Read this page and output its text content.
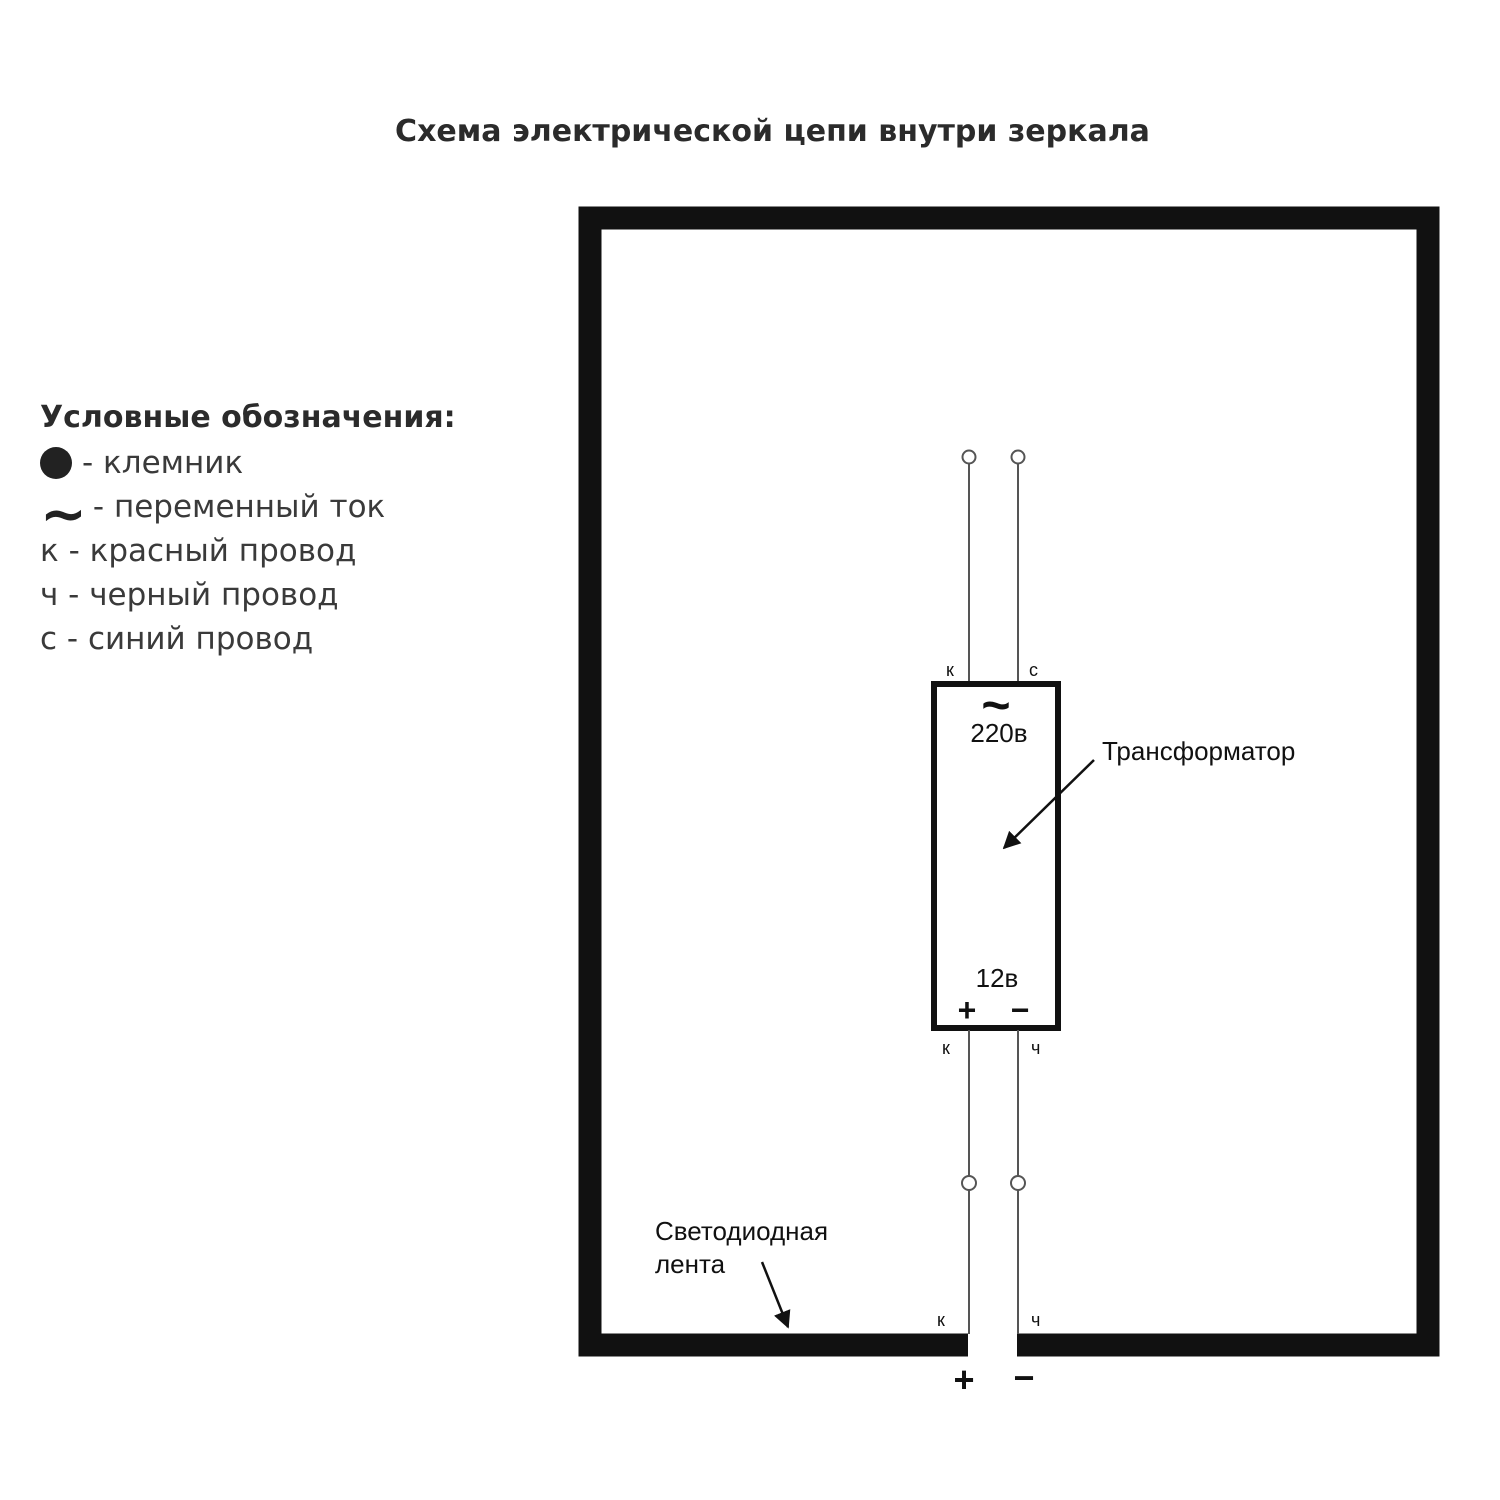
Схема электрической цепи внутри зеркала
Условные обозначения:
- клемник
~ - переменный ток
к - красный провод
ч - черный провод
с - синий провод
к	с
~
220в
12в
+ −
Трансформатор
к	ч
к	ч
Светодиодная
лента
+ −
